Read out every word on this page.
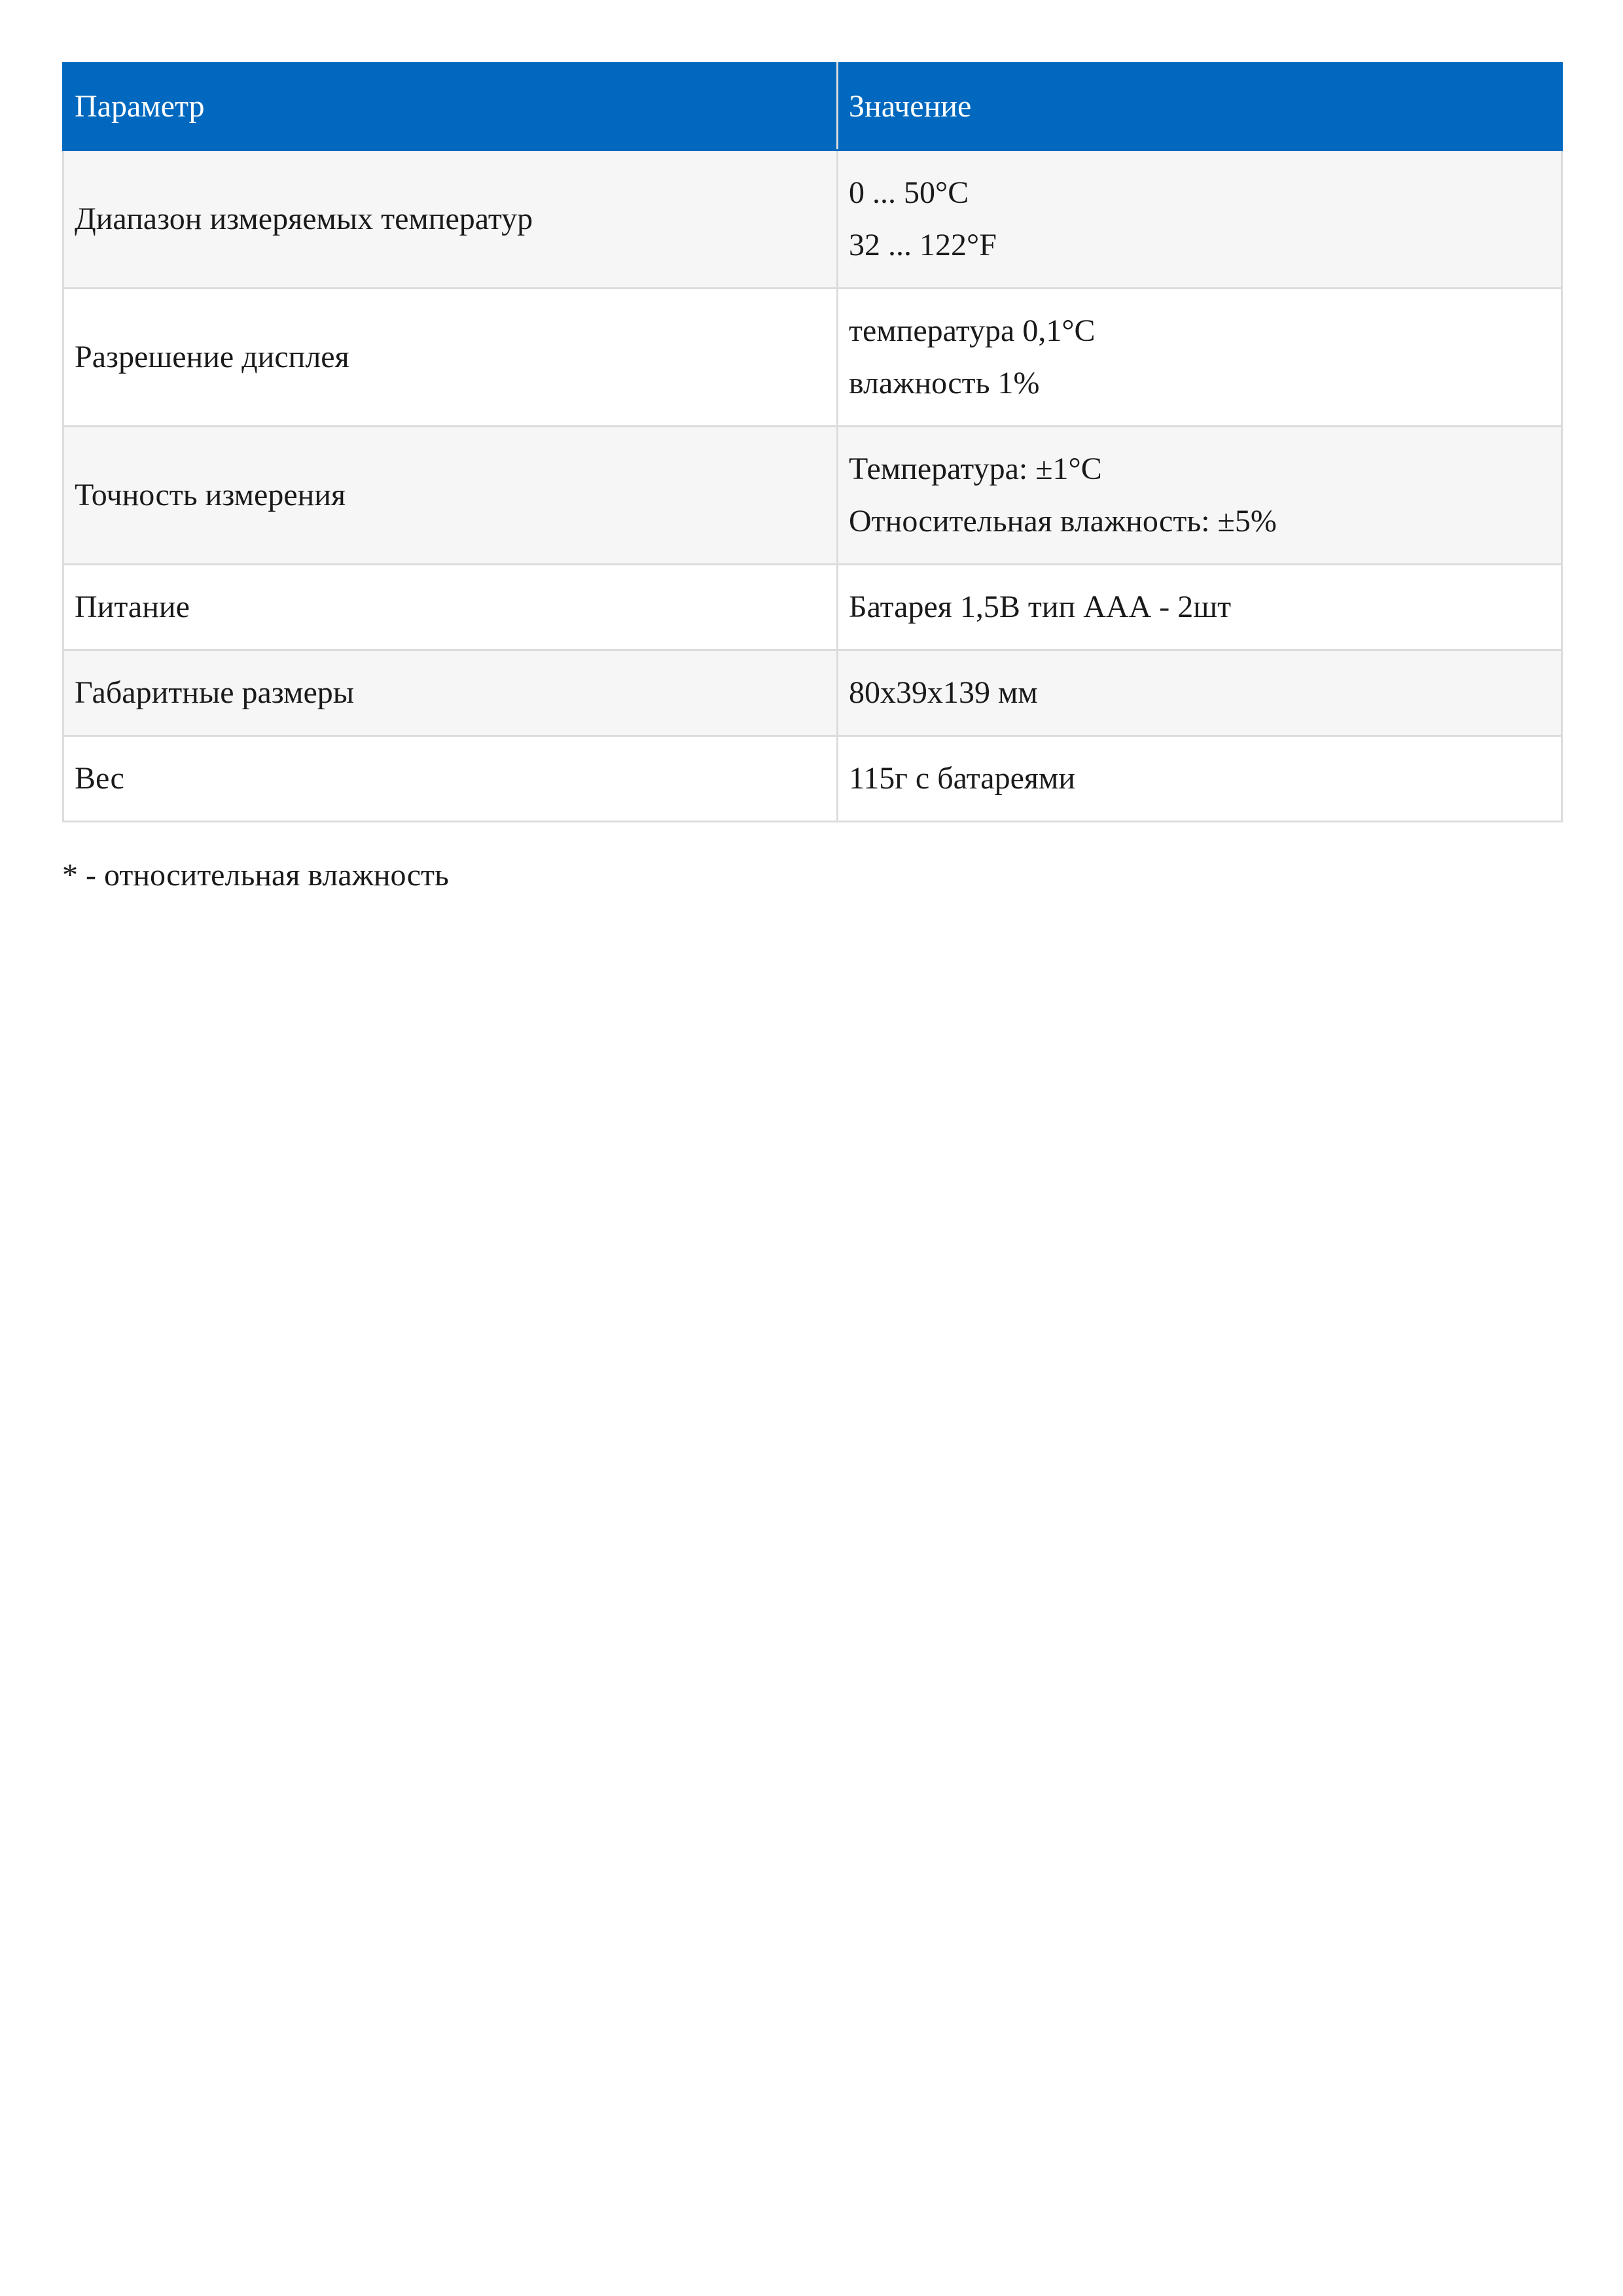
Параметр	Значение
Диапазон измеряемых температур	0 ... 50°С
32 ... 122°F

Разрешение дисплея	температура 0,1°С
влажность 1%

Точность измерения	Температура: ±1°С
Относительная влажность: ±5%

Питание	Батарея 1,5В тип ААА - 2шт

Габаритные размеры	80x39x139 мм

Вес	115г с батареями

* - относительная влажность
